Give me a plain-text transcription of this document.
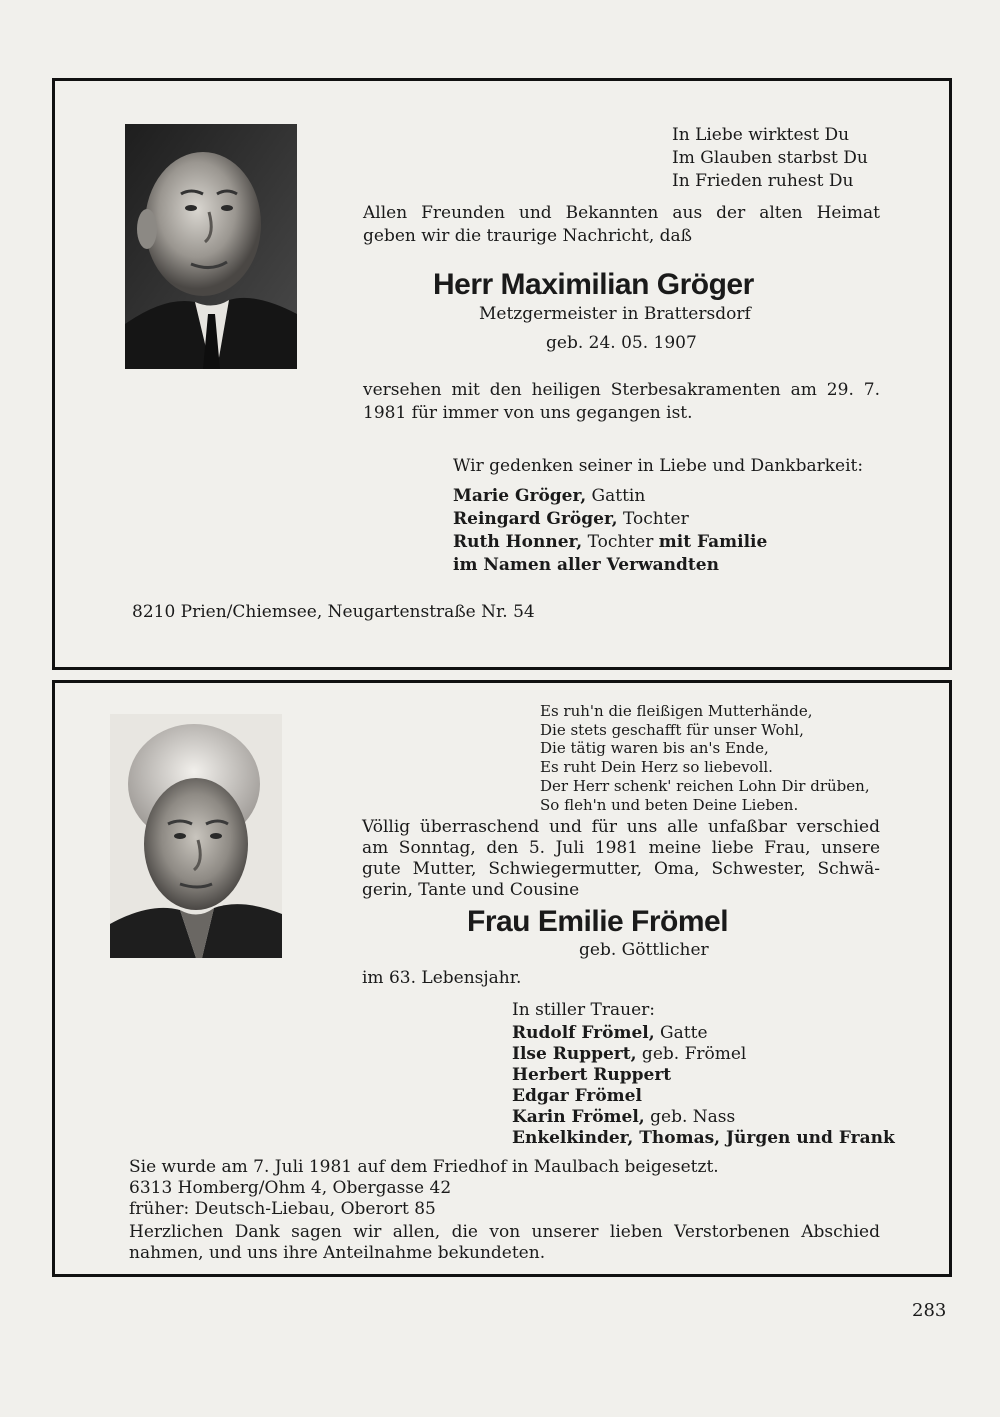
In Liebe wirktest Du

Im Glauben starbst Du

In Frieden ruhest Du

Allen Freunden und Bekannten aus der alten Heimat

geben wir die traurige Nachricht, daß

Herr Maximilian Gröger

Metzgermeister in Brattersdorf

geb. 24. 05. 1907

versehen mit den heiligen Sterbesakramenten am 29. 7.

1981 für immer von uns gegangen ist.

Wir gedenken seiner in Liebe und Dankbarkeit:

Marie Gröger, Gattin

Reingard Gröger, Tochter

Ruth Honner, Tochter mit Familie

im Namen aller Verwandten

8210 Prien/Chiemsee, Neugartenstraße Nr. 54

Es ruh'n die fleißigen Mutterhände,

Die stets geschafft für unser Wohl,

Die tätig waren bis an's Ende,

Es ruht Dein Herz so liebevoll.

Der Herr schenk' reichen Lohn Dir drüben,

So fleh'n und beten Deine Lieben.

Völlig überraschend und für uns alle unfaßbar verschied

am Sonntag, den 5. Juli 1981 meine liebe Frau, unsere

gute Mutter, Schwiegermutter, Oma, Schwester, Schwä-

gerin, Tante und Cousine

Frau Emilie Frömel

geb. Göttlicher

im 63. Lebensjahr.

In stiller Trauer:

Rudolf Frömel, Gatte

Ilse Ruppert, geb. Frömel

Herbert Ruppert

Edgar Frömel

Karin Frömel, geb. Nass

Enkelkinder, Thomas, Jürgen und Frank

Sie wurde am 7. Juli 1981 auf dem Friedhof in Maulbach beigesetzt.

6313 Homberg/Ohm 4, Obergasse 42

früher: Deutsch-Liebau, Oberort 85

Herzlichen Dank sagen wir allen, die von unserer lieben Verstorbenen Abschied

nahmen, und uns ihre Anteilnahme bekundeten.

283
